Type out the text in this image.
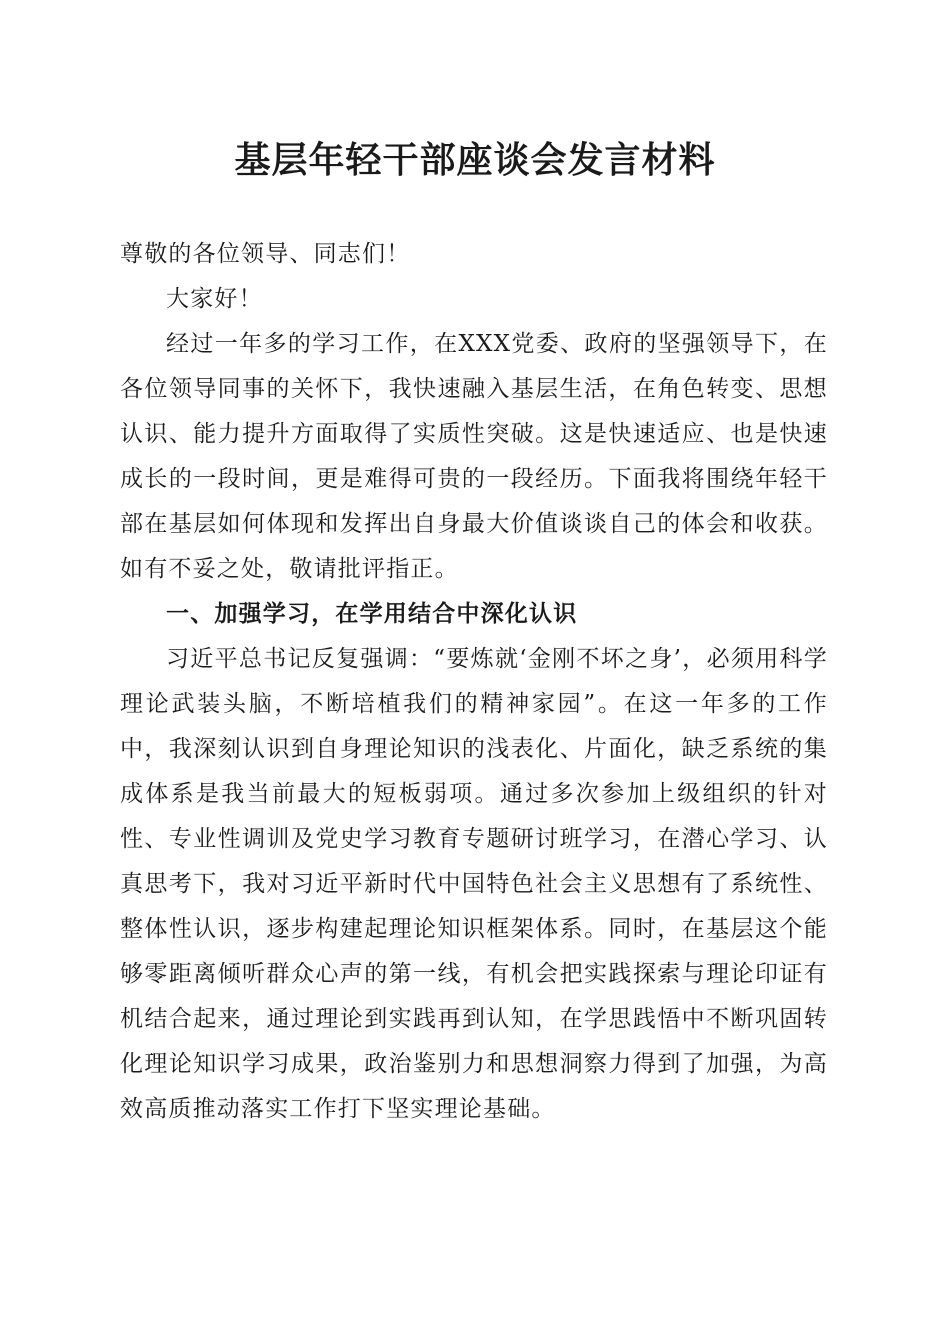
基层年轻干部座谈会发言材料

尊敬的各位领导、同志们！

大家好！

经过一年多的学习工作，在XXX党委、政府的坚强领导下，在各位领导同事的关怀下，我快速融入基层生活，在角色转变、思想认识、能力提升方面取得了实质性突破。这是快速适应、也是快速成长的一段时间，更是难得可贵的一段经历。下面我将围绕年轻干部在基层如何体现和发挥出自身最大价值谈谈自己的体会和收获。如有不妥之处，敬请批评指正。

一、加强学习，在学用结合中深化认识

习近平总书记反复强调：“要炼就‘金刚不坏之身’，必须用科学理论武装头脑，不断培植我们的精神家园”。在这一年多的工作中，我深刻认识到自身理论知识的浅表化、片面化，缺乏系统的集成体系是我当前最大的短板弱项。通过多次参加上级组织的针对性、专业性调训及党史学习教育专题研讨班学习，在潜心学习、认真思考下，我对习近平新时代中国特色社会主义思想有了系统性、整体性认识，逐步构建起理论知识框架体系。同时，在基层这个能够零距离倾听群众心声的第一线，有机会把实践探索与理论印证有机结合起来，通过理论到实践再到认知，在学思践悟中不断巩固转化理论知识学习成果，政治鉴别力和思想洞察力得到了加强，为高效高质推动落实工作打下坚实理论基础。
